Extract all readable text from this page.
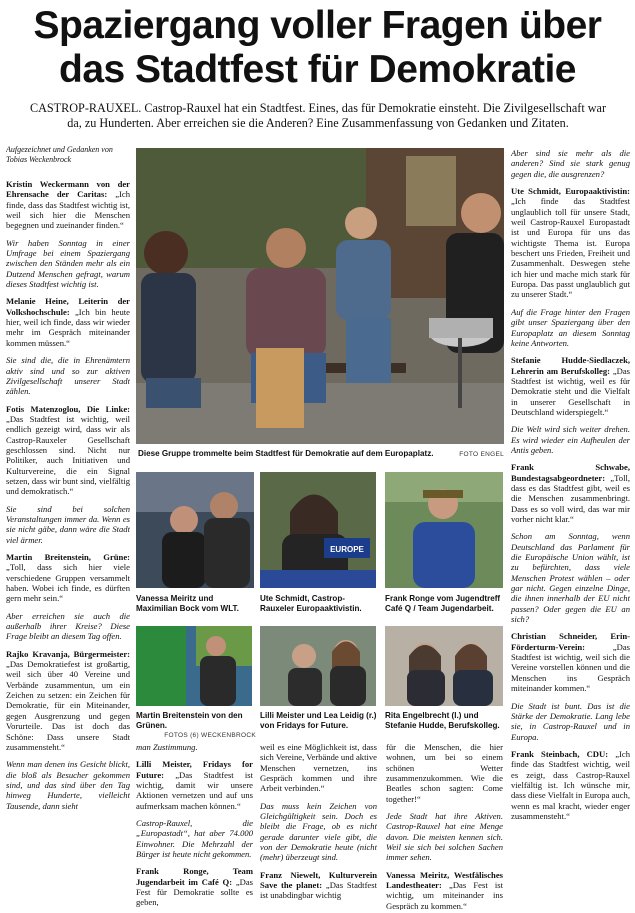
Spaziergang voller Fragen über das Stadtfest für Demokratie
CASTROP-RAUXEL. Castrop-Rauxel hat ein Stadtfest. Eines, das für Demokratie einsteht. Die Zivilgesellschaft war da, zu Hunderten. Aber erreichen sie die Anderen? Eine Zusammenfassung von Gedanken und Zitaten.
Aufgezeichnet und Gedanken von Tobias Weckenbrock

Kristin Weckermann von der Ehrensache der Caritas: „Ich finde, dass das Stadtfest wichtig ist, weil sich hier die Menschen begegnen und zueinander finden.“

Wir haben Sonntag in einer Umfrage bei einem Spaziergang zwischen den Ständen mehr als ein Dutzend Menschen gefragt, warum dieses Stadtfest wichtig ist.

Melanie Heine, Leiterin der Volkshochschule: „Ich bin heute hier, weil ich finde, dass wir wieder mehr im Gespräch miteinander kommen müssen.“

Sie sind die, die in Ehrenämtern aktiv sind und so zur aktiven Zivilgesellschaft unserer Stadt zählen.

Fotis Matenzoglou, Die Linke: „Das Stadtfest ist wichtig, weil endlich gezeigt wird, dass wir als Castrop-Rauxeler Gesellschaft geschlossen sind. Nicht nur Politiker, auch Initiativen und Kulturvereine, die ein Signal setzen, dass wir bunt sind, vielfältig und demokratisch.“

Sie sind bei solchen Veranstaltungen immer da. Wenn es sie nicht gäbe, dann wäre die Stadt viel ärmer.

Martin Breitenstein, Grüne: „Toll, dass sich hier viele verschiedene Gruppen versammelt haben. Wobei ich finde, es dürften gern mehr sein.“

Aber erreichen sie auch die außerhalb ihrer Kreise? Diese Frage bleibt an diesem Tag offen.

Rajko Kravanja, Bürgermeister: „Das Demokratiefest ist großartig, weil sich über 40 Vereine und Verbände zusammentun, um ein Zeichen zu setzen: ein Zeichen für Demokratie, für ein Miteinander, gegen Ausgrenzung und gegen Vorurteile. Das ist doch das Schöne: Dass unsere Stadt zusammensteht.“

Wenn man denen ins Gesicht blickt, die bloß als Besucher gekommen sind, und das sind über den Tag hinweg Hunderte, vielleicht Tausende, dann sieht

Diese Gruppe trommelte beim Stadtfest für Demokratie auf dem Europaplatz.	FOTO ENGEL
EUROPE
Vanessa Meiritz und Maximilian Bock vom WLT.
Ute Schmidt, Castrop-Rauxeler Europaaktivistin.
Frank Ronge vom Jugendtreff Café Q / Team Jugendarbeit.
Martin Breitenstein von den Grünen.
FOTOS (6) WECKENBROCK
Lilli Meister und Lea Leidig (r.) von Fridays for Future.
Rita Engelbrecht (l.) und Stefanie Hudde, Berufskolleg.

man Zustimmung.

Lilli Meister, Fridays for Future: „Das Stadtfest ist wichtig, damit wir unsere Aktionen vernetzen und auf uns aufmerksam machen können.“

Castrop-Rauxel, die „Europastadt“, hat aber 74.000 Einwohner. Die Mehrzahl der Bürger ist heute nicht gekommen.

Frank Ronge, Team Jugendarbeit im Café Q: „Das Fest für Demokratie sollte es geben,

weil es eine Möglichkeit ist, dass sich Vereine, Verbände und aktive Menschen vernetzen, ins Gespräch kommen und ihre Arbeit verbinden.“

Das muss kein Zeichen von Gleichgültigkeit sein. Doch es bleibt die Frage, ob es nicht gerade darunter viele gibt, die von der Demokratie heute (nicht (mehr) überzeugt sind.

Franz Niewelt, Kulturverein Save the planet: „Das Stadtfest ist unabdingbar wichtig

für die Menschen, die hier wohnen, um bei so einem schönen Wetter zusammenzukommen. Wie die Beatles schon sagten: Come together!“

Jede Stadt hat ihre Aktiven. Castrop-Rauxel hat eine Menge davon. Die meisten kennen sich. Weil sie sich bei solchen Sachen immer sehen.

Vanessa Meiritz, Westfälisches Landestheater: „Das Fest ist wichtig, um miteinander ins Gespräch zu kommen.“

Aber sind sie mehr als die anderen? Sind sie stark genug gegen die, die ausgrenzen?

Ute Schmidt, Europaaktivistin: „Ich finde das Stadtfest unglaublich toll für unsere Stadt, weil Castrop-Rauxel Europastadt ist und Europa für uns das wichtigste Thema ist. Europa beschert uns Frieden, Freiheit und Zusammenhalt. Deswegen stehe ich hier und mache mich stark für Europa. Das passt unglaublich gut zu unserer Stadt.“

Auf die Frage hinter den Fragen gibt unser Spaziergang über den Europaplatz an diesem Sonntag keine Antworten.

Stefanie Hudde-Siedlaczek, Lehrerin am Berufskolleg: „Das Stadtfest ist wichtig, weil es für Demokratie steht und die Vielfalt in unserer Gesellschaft in Deutschland widerspiegelt.“

Die Welt wird sich weiter drehen. Es wird wieder ein Aufheulen der Antis geben.

Frank Schwabe, Bundestagsabgeordneter: „Toll, dass es das Stadtfest gibt, weil es die Menschen zusammenbringt. Dass es so voll wird, das war mir vorher nicht klar.“

Schon am Sonntag, wenn Deutschland das Parlament für die Europäische Union wählt, ist zu befürchten, dass viele Menschen Protest wählen – oder gar nicht. Gegen einzelne Dinge, die ihnen innerhalb der EU nicht passen? Oder gegen die EU an sich?

Christian Schneider, Erin-Förderturm-Verein: „Das Stadtfest ist wichtig, weil sich die Vereine vorstellen können und die Menschen ins Gespräch miteinander kommen.“

Die Stadt ist bunt. Das ist die Stärke der Demokratie. Lang lebe sie, in Castrop-Rauxel und in Europa.

Frank Steinbach, CDU: „Ich finde das Stadtfest wichtig, weil es zeigt, dass Castrop-Rauxel vielfältig ist. Ich wünsche mir, dass diese Vielfalt in Europa auch, wenn es mal kracht, wieder enger zusammensteht.“
